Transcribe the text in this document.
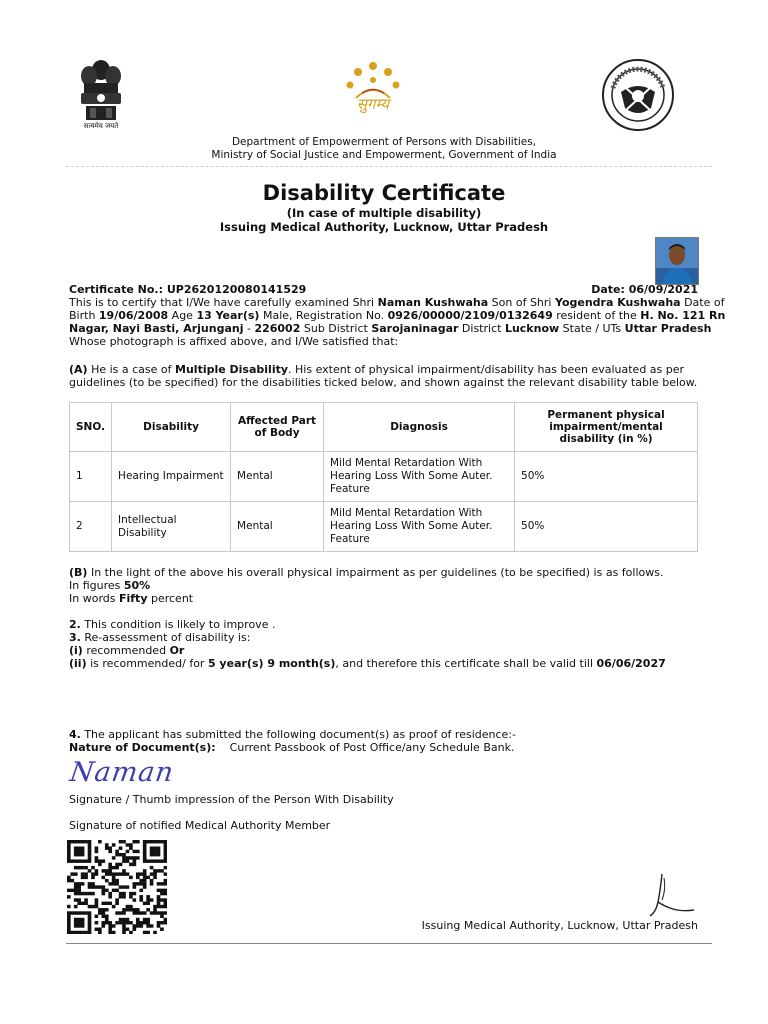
सत्यमेव जयते
सुगम्य
Department of Empowerment of Persons with Disabilities,
Ministry of Social Justice and Empowerment, Government of India
Disability Certificate
(In case of multiple disability)
Issuing Medical Authority, Lucknow, Uttar Pradesh
Certificate No.: UP2620120080141529	Date: 06/09/2021
This is to certify that I/We have carefully examined Shri Naman Kushwaha Son of Shri Yogendra Kushwaha Date of
Birth 19/06/2008 Age 13 Year(s) Male, Registration No. 0926/00000/2109/0132649 resident of the H. No. 121 Rn
Nagar, Nayi Basti, Arjunganj - 226002 Sub District Sarojaninagar District Lucknow State / UTs Uttar Pradesh
Whose photograph is affixed above, and I/We satisfied that:
(A) He is a case of Multiple Disability. His extent of physical impairment/disability has been evaluated as per
guidelines (to be specified) for the disabilities ticked below, and shown against the relevant disability table below.
SNO.	Disability	Affected Part of Body	Diagnosis	Permanent physical impairment/mental disability (in %)
1	Hearing Impairment	Mental	Mild Mental Retardation With Hearing Loss With Some Auter. Feature	50%
2	Intellectual Disability	Mental	Mild Mental Retardation With Hearing Loss With Some Auter. Feature	50%
(B) In the light of the above his overall physical impairment as per guidelines (to be specified) is as follows.
In figures 50%
In words Fifty percent
2. This condition is likely to improve .
3. Re-assessment of disability is:
(i) recommended Or
(ii) is recommended/ for 5 year(s) 9 month(s), and therefore this certificate shall be valid till 06/06/2027
4. The applicant has submitted the following document(s) as proof of residence:-
Nature of Document(s): Current Passbook of Post Office/any Schedule Bank.
Naman
Signature / Thumb impression of the Person With Disability
Signature of notified Medical Authority Member
Issuing Medical Authority, Lucknow, Uttar Pradesh
